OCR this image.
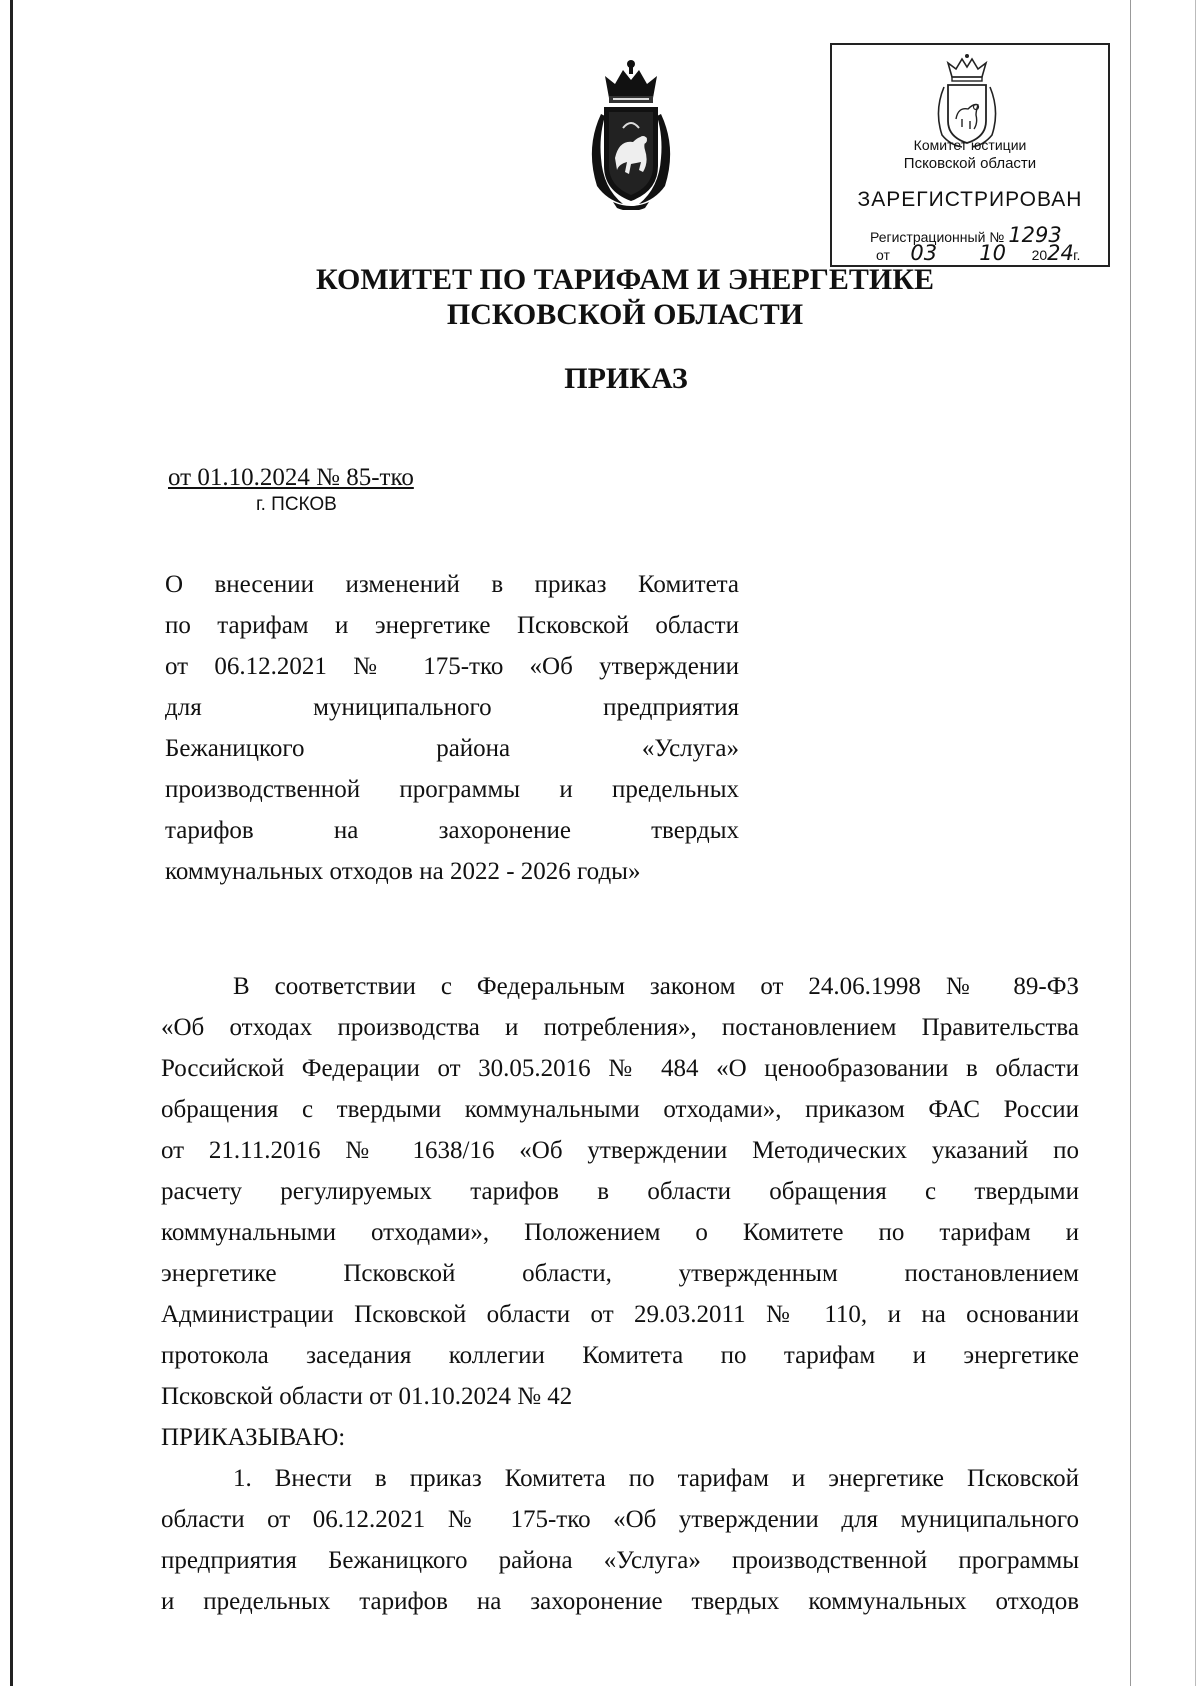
Комитет юстиции
Псковской области
ЗАРЕГИСТРИРОВАН
Регистрационный № 1293
от 03 10 2024г.
КОМИТЕТ ПО ТАРИФАМ И ЭНЕРГЕТИКЕ
ПСКОВСКОЙ ОБЛАСТИ
ПРИКАЗ
от 01.10.2024 № 85-тко
г. ПСКОВ
О внесении изменений в приказ Комитета
по тарифам и энергетике Псковской области
от 06.12.2021 № 175-тко «Об утверждении
для муниципального предприятия
Бежаницкого района «Услуга»
производственной программы и предельных
тарифов на захоронение твердых
коммунальных отходов на 2022 - 2026 годы»
В соответствии с Федеральным законом от 24.06.1998 № 89-ФЗ
«Об отходах производства и потребления», постановлением Правительства
Российской Федерации от 30.05.2016 № 484 «О ценообразовании в области
обращения с твердыми коммунальными отходами», приказом ФАС России
от 21.11.2016 № 1638/16 «Об утверждении Методических указаний по
расчету регулируемых тарифов в области обращения с твердыми
коммунальными отходами», Положением о Комитете по тарифам и
энергетике Псковской области, утвержденным постановлением
Администрации Псковской области от 29.03.2011 № 110, и на основании
протокола заседания коллегии Комитета по тарифам и энергетике
Псковской области от 01.10.2024 № 42
ПРИКАЗЫВАЮ:
1. Внести в приказ Комитета по тарифам и энергетике Псковской
области от 06.12.2021 № 175-тко «Об утверждении для муниципального
предприятия Бежаницкого района «Услуга» производственной программы
и предельных тарифов на захоронение твердых коммунальных отходов
